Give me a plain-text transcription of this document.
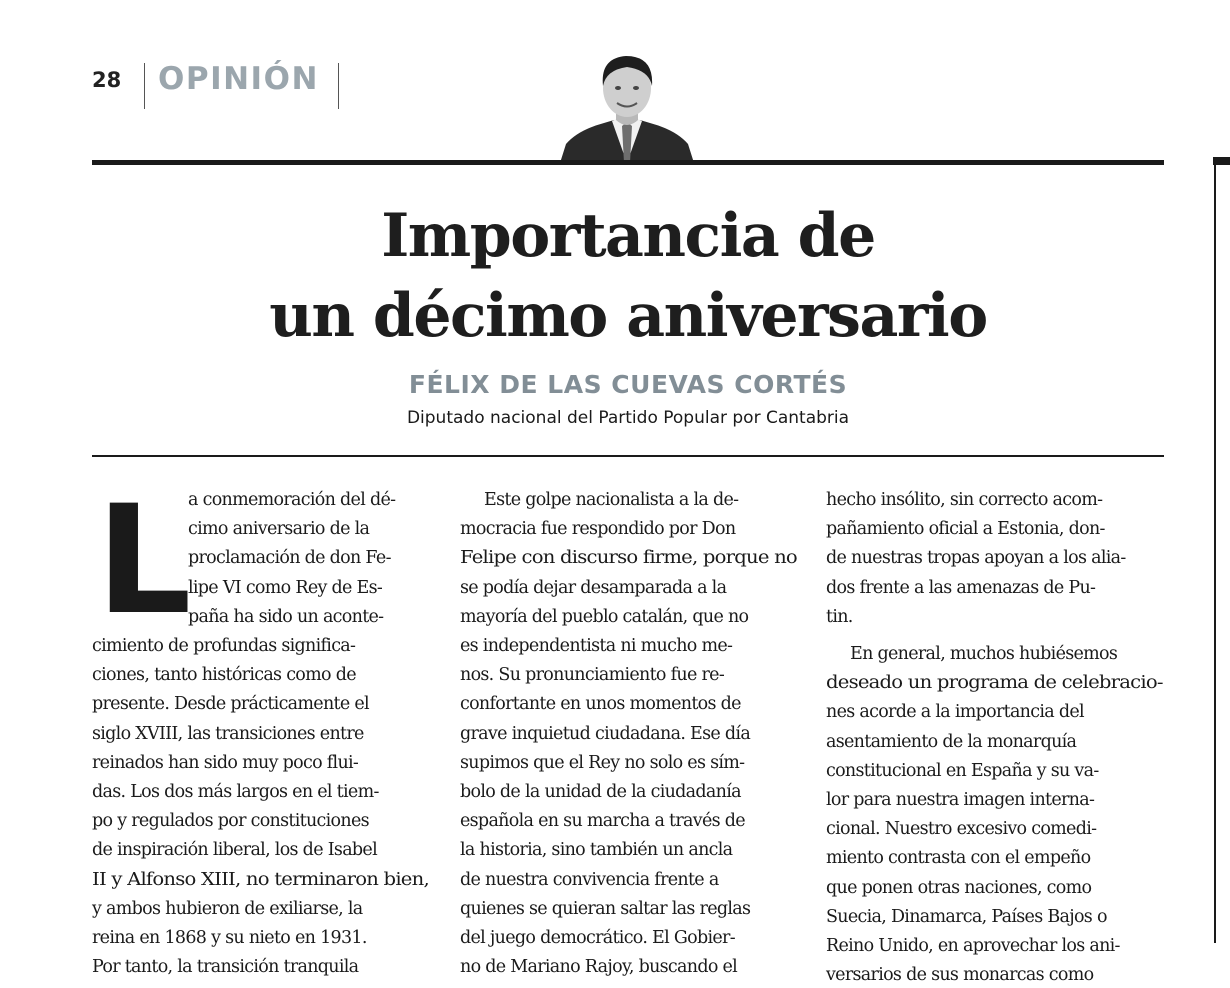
28 OPINIÓN
Importancia de
un décimo aniversario
FÉLIX DE LAS CUEVAS CORTÉS
Diputado nacional del Partido Popular por Cantabria
L
a conmemoración del dé-
cimo aniversario de la
proclamación de don Fe-
lipe VI como Rey de Es-
paña ha sido un aconte-
cimiento de profundas significa-
ciones, tanto históricas como de
presente. Desde prácticamente el
siglo XVIII, las transiciones entre
reinados han sido muy poco flui-
das. Los dos más largos en el tiem-
po y regulados por constituciones
de inspiración liberal, los de Isabel
II y Alfonso XIII, no terminaron bien,
y ambos hubieron de exiliarse, la
reina en 1868 y su nieto en 1931.
Por tanto, la transición tranquila
Este golpe nacionalista a la de-
mocracia fue respondido por Don
Felipe con discurso firme, porque no
se podía dejar desamparada a la
mayoría del pueblo catalán, que no
es independentista ni mucho me-
nos. Su pronunciamiento fue re-
confortante en unos momentos de
grave inquietud ciudadana. Ese día
supimos que el Rey no solo es sím-
bolo de la unidad de la ciudadanía
española en su marcha a través de
la historia, sino también un ancla
de nuestra convivencia frente a
quienes se quieran saltar las reglas
del juego democrático. El Gobier-
no de Mariano Rajoy, buscando el
hecho insólito, sin correcto acom-
pañamiento oficial a Estonia, don-
de nuestras tropas apoyan a los alia-
dos frente a las amenazas de Pu-
tin.
En general, muchos hubiésemos
deseado un programa de celebracio-
nes acorde a la importancia del
asentamiento de la monarquía
constitucional en España y su va-
lor para nuestra imagen interna-
cional. Nuestro excesivo comedi-
miento contrasta con el empeño
que ponen otras naciones, como
Suecia, Dinamarca, Países Bajos o
Reino Unido, en aprovechar los ani-
versarios de sus monarcas como
